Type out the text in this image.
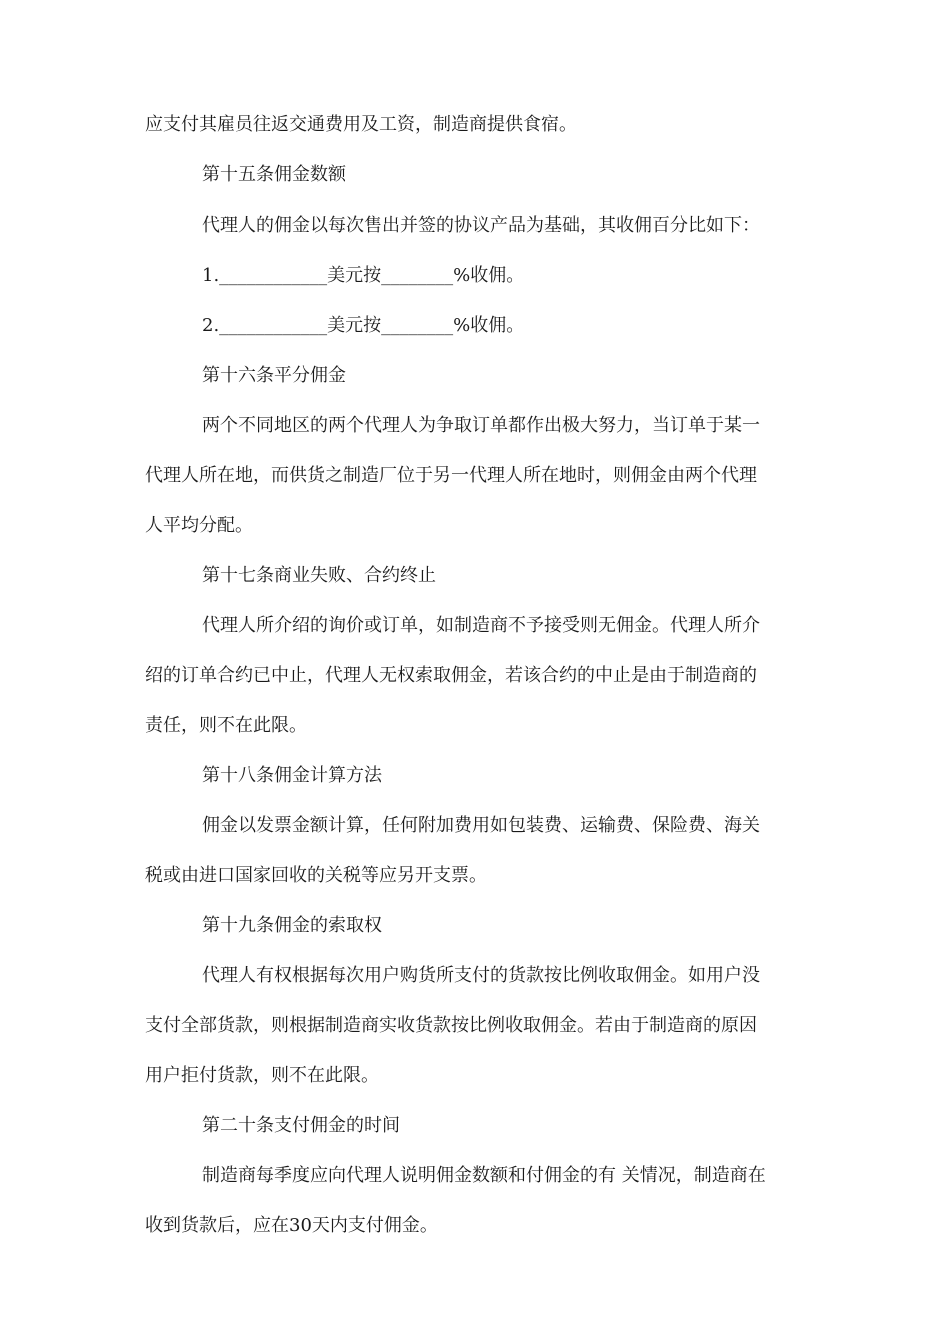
应支付其雇员往返交通费用及工资，制造商提供食宿。
第十五条佣金数额
代理人的佣金以每次售出并签的协议产品为基础，其收佣百分比如下：
1.____________美元按________%收佣。
2.____________美元按________%收佣。
第十六条平分佣金
两个不同地区的两个代理人为争取订单都作出极大努力，当订单于某一
代理人所在地，而供货之制造厂位于另一代理人所在地时，则佣金由两个代理
人平均分配。
第十七条商业失败、合约终止
代理人所介绍的询价或订单，如制造商不予接受则无佣金。代理人所介
绍的订单合约已中止，代理人无权索取佣金，若该合约的中止是由于制造商的
责任，则不在此限。
第十八条佣金计算方法
佣金以发票金额计算，任何附加费用如包装费、运输费、保险费、海关
税或由进口国家回收的关税等应另开支票。
第十九条佣金的索取权
代理人有权根据每次用户购货所支付的货款按比例收取佣金。如用户没
支付全部货款，则根据制造商实收货款按比例收取佣金。若由于制造商的原因
用户拒付货款，则不在此限。
第二十条支付佣金的时间
制造商每季度应向代理人说明佣金数额和付佣金的有 关情况，制造商在
收到货款后，应在30天内支付佣金。
